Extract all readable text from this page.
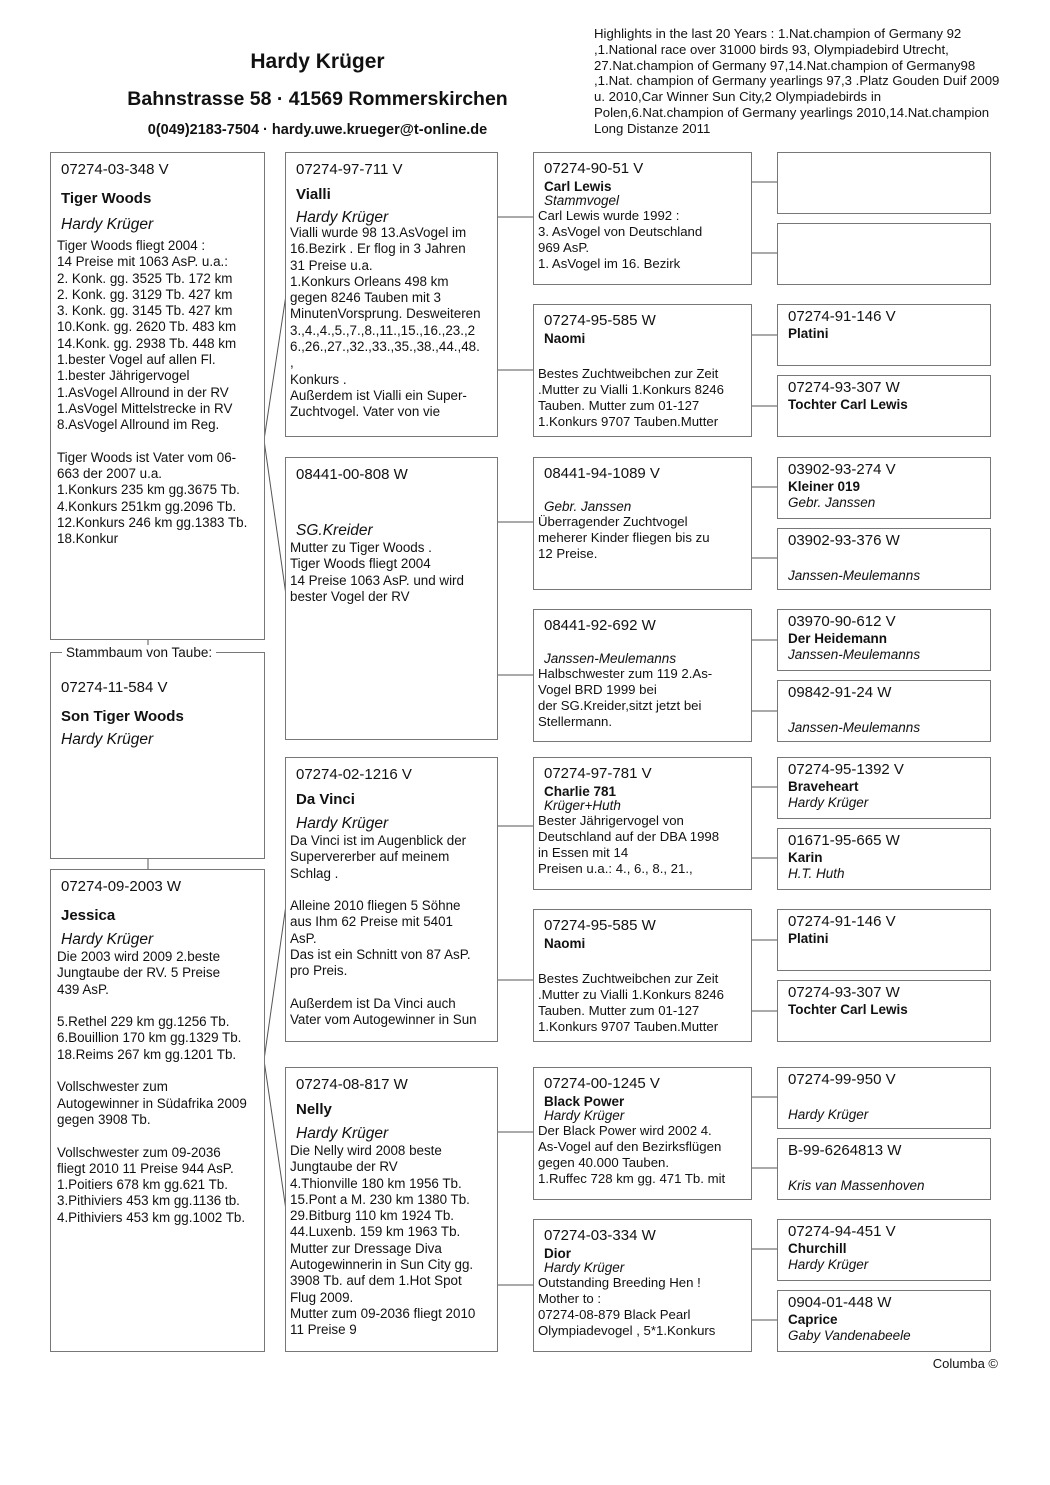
Hardy Krüger
Bahnstrasse 58 · 41569 Rommerskirchen
0(049)2183-7504 · hardy.uwe.krueger@t-online.de
Highlights in the last 20 Years : 1.Nat.champion of Germany 92 ,1.National race over 31000 birds 93, Olympiadebird Utrecht, 27.Nat.champion of Germany 97,14.Nat.champion of Germany98 ,1.Nat. champion of Germany yearlings 97,3 .Platz Gouden Duif 2009 u. 2010,Car Winner Sun City,2 Olympiadebirds in Polen,6.Nat.champion of Germany yearlings 2010,14.Nat.champion Long Distanze 2011
07274-03-348 V
Tiger Woods
Hardy Krüger
Tiger Woods fliegt 2004 :
14 Preise mit 1063 AsP. u.a.:
2. Konk. gg. 3525 Tb. 172 km
2. Konk. gg. 3129 Tb. 427 km
3. Konk. gg. 3145 Tb. 427 km
10.Konk. gg. 2620 Tb. 483 km
14.Konk. gg. 2938 Tb. 448 km
1.bester Vogel auf allen Fl.
1.bester Jährigervogel
1.AsVogel Allround in der RV
1.AsVogel Mittelstrecke in RV
8.AsVogel Allround im Reg.

Tiger Woods ist Vater vom 06-
663 der 2007 u.a.
1.Konkurs 235 km gg.3675 Tb.
4.Konkurs 251km gg.2096 Tb.
12.Konkurs 246 km gg.1383 Tb.
18.Konkur
07274-11-584 V
Son Tiger Woods
Hardy Krüger
Stammbaum von Taube:
07274-09-2003 W
Jessica
Hardy Krüger
Die 2003 wird 2009 2.beste
Jungtaube der RV. 5 Preise
439 AsP.

5.Rethel 229 km gg.1256 Tb.
6.Bouillion 170 km gg.1329 Tb.
18.Reims 267 km gg.1201 Tb.

Vollschwester zum
Autogewinner in Südafrika 2009
gegen 3908 Tb.

Vollschwester zum 09-2036
fliegt 2010 11 Preise 944 AsP.
1.Poitiers 678 km gg.621 Tb.
3.Pithiviers 453 km gg.1136 tb.
4.Pithiviers 453 km gg.1002 Tb.
07274-97-711 V
Vialli
Hardy Krüger
Vialli wurde 98 13.AsVogel im
16.Bezirk . Er flog in 3 Jahren
31 Preise u.a.
1.Konkurs Orleans 498 km
gegen 8246 Tauben mit 3
MinutenVorsprung. Desweiteren
3.,4.,4.,5.,7.,8.,11.,15.,16.,23.,2
6.,26.,27.,32.,33.,35.,38.,44.,48.
,
Konkurs .
Außerdem ist Vialli ein Super-
Zuchtvogel. Vater von vie
08441-00-808 W
SG.Kreider
Mutter zu Tiger Woods .
Tiger Woods fliegt 2004
14 Preise 1063 AsP. und wird
bester Vogel der RV
07274-02-1216 V
Da Vinci
Hardy Krüger
Da Vinci ist im Augenblick der
Supervererber auf meinem
Schlag .

Alleine 2010 fliegen 5 Söhne
aus Ihm 62 Preise mit 5401
AsP.
Das ist ein Schnitt von 87 AsP.
pro Preis.

Außerdem ist Da Vinci auch
Vater vom Autogewinner in Sun
07274-08-817 W
Nelly
Hardy Krüger
Die Nelly wird 2008 beste
Jungtaube der RV
4.Thionville 180 km 1956 Tb.
15.Pont a M. 230 km 1380 Tb.
29.Bitburg 110 km 1924 Tb.
44.Luxenb. 159 km 1963 Tb.
Mutter zur Dressage Diva
Autogewinnerin in Sun City gg.
3908 Tb. auf dem 1.Hot Spot
Flug 2009.
Mutter zum 09-2036 fliegt 2010
11 Preise 9
07274-90-51 V
Carl Lewis
Stammvogel
Carl Lewis wurde 1992 :
3. AsVogel von Deutschland
969 AsP.
1. AsVogel im 16. Bezirk
07274-95-585 W
Naomi
Bestes Zuchtweibchen zur Zeit
.Mutter zu Vialli 1.Konkurs 8246
Tauben. Mutter zum 01-127
1.Konkurs 9707 Tauben.Mutter
08441-94-1089 V
Gebr. Janssen
Überragender Zuchtvogel
meherer Kinder fliegen bis zu
12 Preise.
08441-92-692 W
Janssen-Meulemanns
Halbschwester zum 119 2.As-
Vogel BRD 1999 bei
der SG.Kreider,sitzt jetzt bei
Stellermann.
07274-97-781 V
Charlie 781
Krüger+Huth
Bester Jährigervogel von
Deutschland auf der DBA 1998
in Essen mit 14
Preisen u.a.: 4., 6., 8., 21.,
07274-95-585 W
Naomi
Bestes Zuchtweibchen zur Zeit
.Mutter zu Vialli 1.Konkurs 8246
Tauben. Mutter zum 01-127
1.Konkurs 9707 Tauben.Mutter
07274-00-1245 V
Black Power
Hardy Krüger
Der Black Power wird 2002 4.
As-Vogel auf den Bezirksflügen
gegen 40.000 Tauben.
1.Ruffec 728 km gg. 471 Tb. mit
07274-03-334 W
Dior
Hardy Krüger
Outstanding Breeding Hen !
Mother to :
07274-08-879 Black Pearl
Olympiadevogel , 5*1.Konkurs
07274-91-146 V
Platini
07274-93-307 W
Tochter Carl Lewis
03902-93-274 V
Kleiner 019
Gebr. Janssen
03902-93-376 W
Janssen-Meulemanns
03970-90-612 V
Der Heidemann
Janssen-Meulemanns
09842-91-24 W
Janssen-Meulemanns
07274-95-1392 V
Braveheart
Hardy Krüger
01671-95-665 W
Karin
H.T. Huth
07274-91-146 V
Platini
07274-93-307 W
Tochter Carl Lewis
07274-99-950 V
Hardy Krüger
B-99-6264813 W
Kris van Massenhoven
07274-94-451 V
Churchill
Hardy Krüger
0904-01-448 W
Caprice
Gaby Vandenabeele
Columba ©
